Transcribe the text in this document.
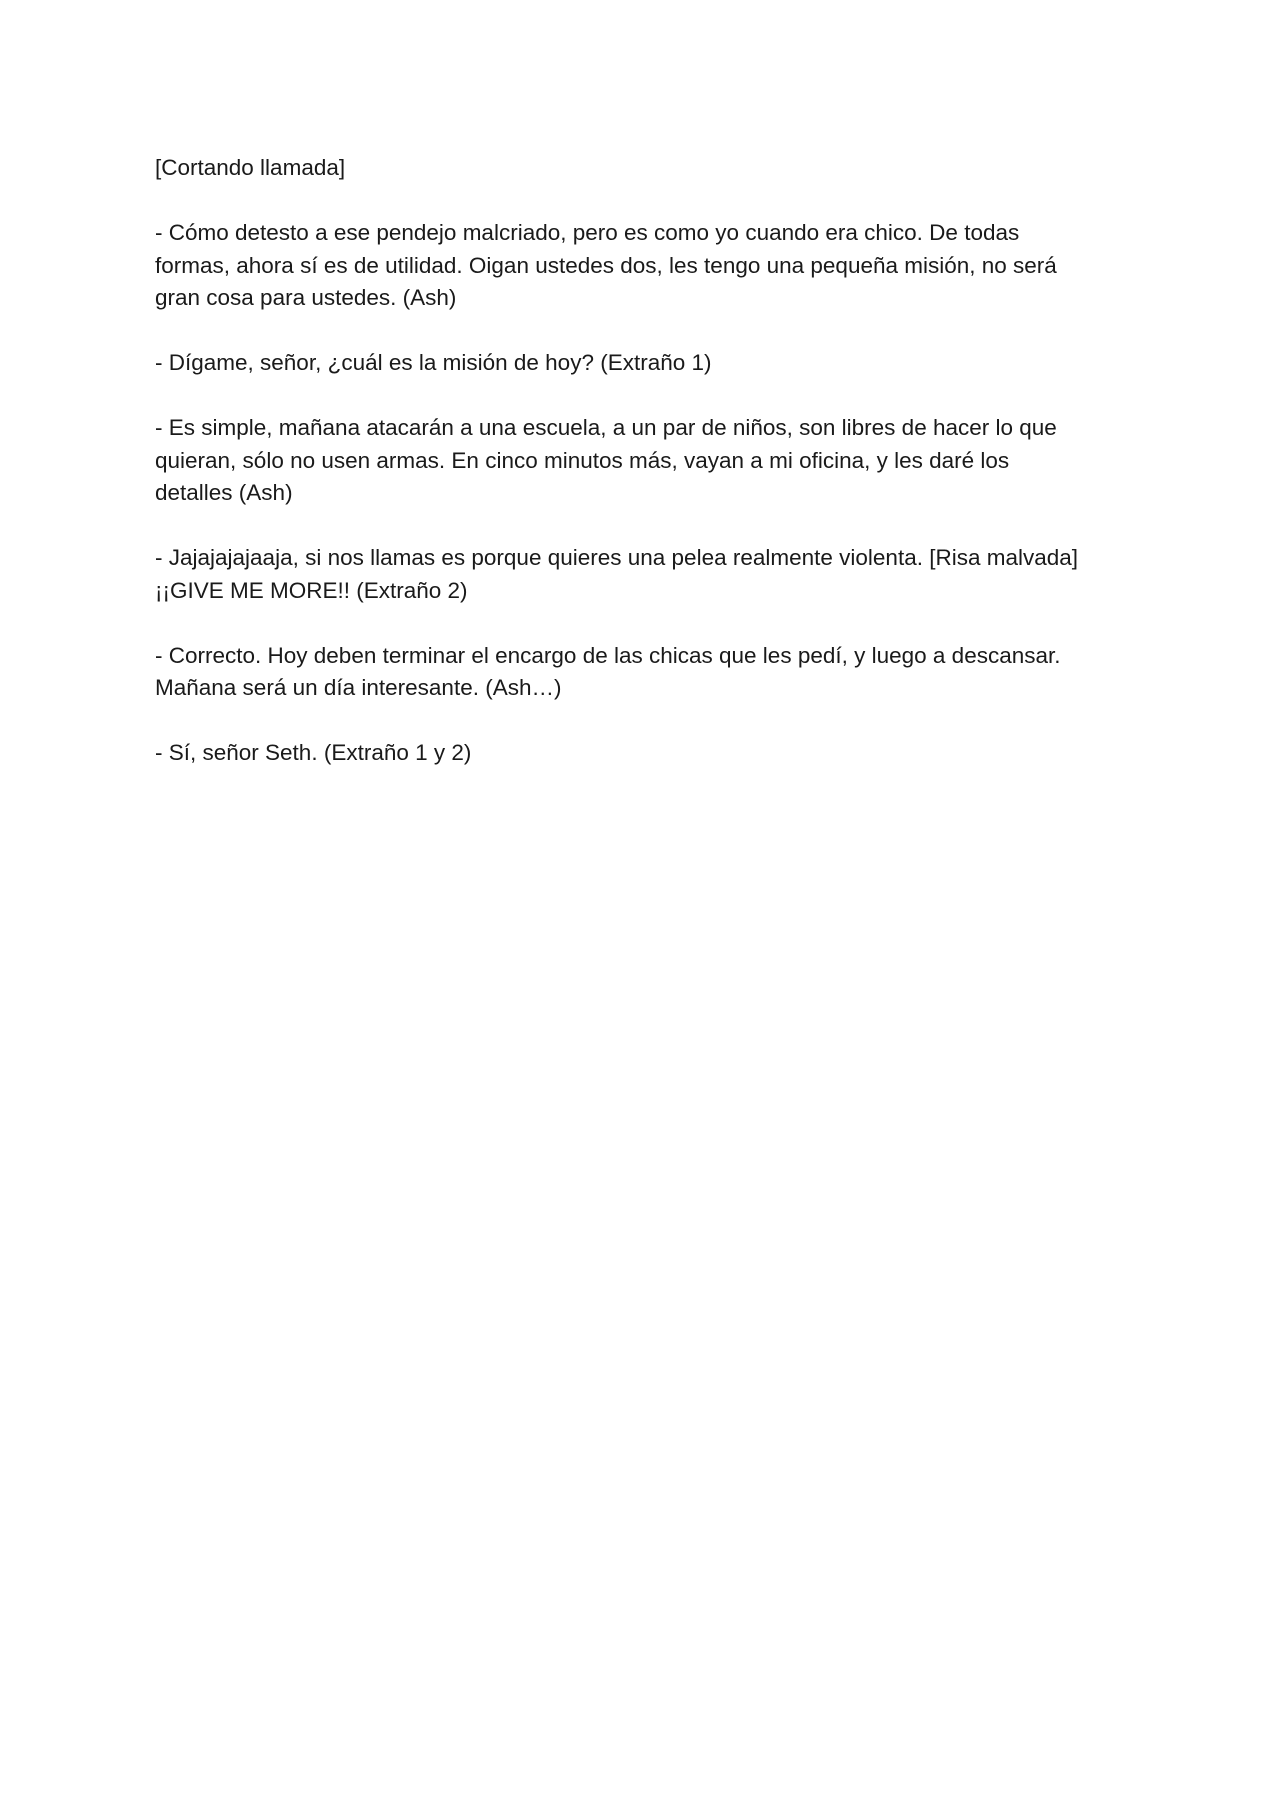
[Cortando llamada]

- Cómo detesto a ese pendejo malcriado, pero es como yo cuando era chico. De todas
formas, ahora sí es de utilidad. Oigan ustedes dos, les tengo una pequeña misión, no será
gran cosa para ustedes. (Ash)

- Dígame, señor, ¿cuál es la misión de hoy? (Extraño 1)

- Es simple, mañana atacarán a una escuela, a un par de niños, son libres de hacer lo que
quieran, sólo no usen armas. En cinco minutos más, vayan a mi oficina, y les daré los
detalles (Ash)

- Jajajajajaaja, si nos llamas es porque quieres una pelea realmente violenta. [Risa malvada]
¡¡GIVE ME MORE!! (Extraño 2)

- Correcto. Hoy deben terminar el encargo de las chicas que les pedí, y luego a descansar.
Mañana será un día interesante. (Ash…)

- Sí, señor Seth. (Extraño 1 y 2)
